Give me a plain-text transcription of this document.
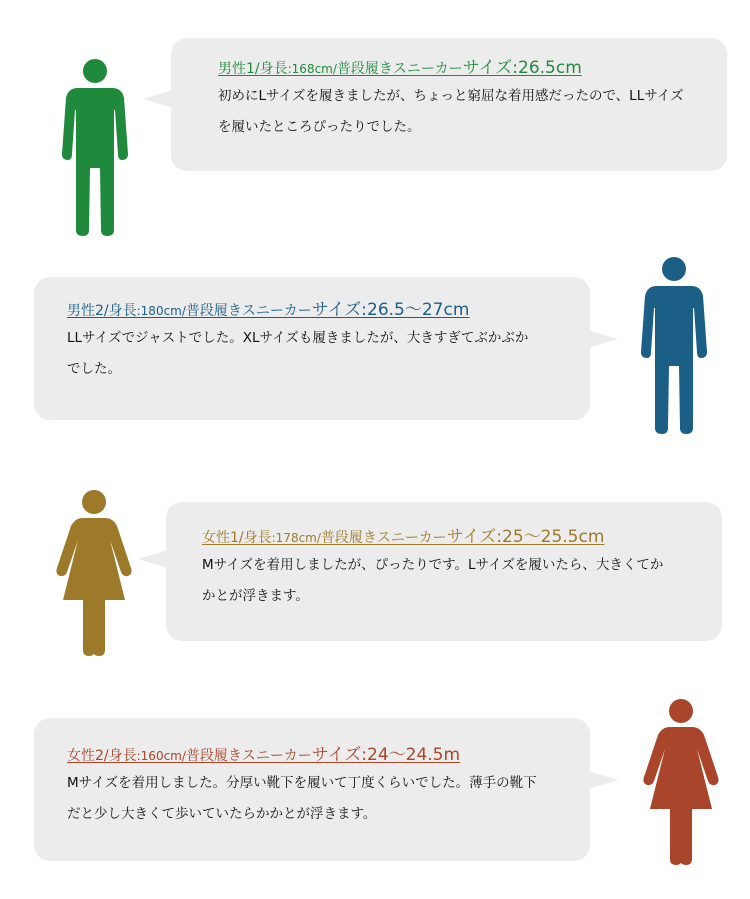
男性1/身長:168cm/普段履きスニーカーサイズ:26.5cm
初めにLサイズを履きましたが、ちょっと窮屈な着用感だったので、LLサイズを履いたところぴったりでした。
男性2/身長:180cm/普段履きスニーカーサイズ:26.5〜27cm
LLサイズでジャストでした。XLサイズも履きましたが、大きすぎてぶかぶかでした。
女性1/身長:178cm/普段履きスニーカーサイズ:25〜25.5cm
Mサイズを着用しましたが、ぴったりです。Lサイズを履いたら、大きくてかかとが浮きます。
女性2/身長:160cm/普段履きスニーカーサイズ:24〜24.5m
Mサイズを着用しました。分厚い靴下を履いて丁度くらいでした。薄手の靴下だと少し大きくて歩いていたらかかとが浮きます。
